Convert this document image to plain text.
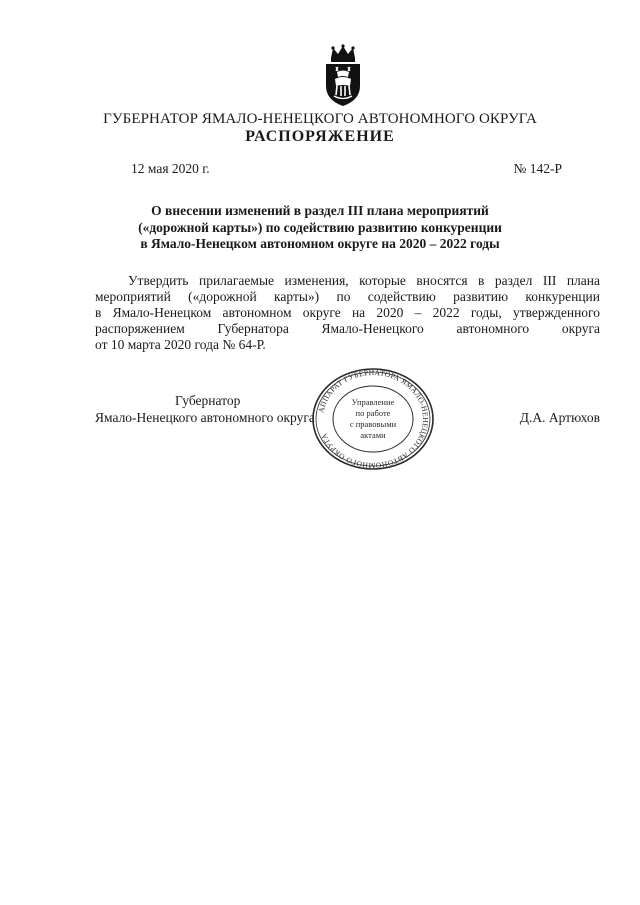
ГУБЕРНАТОР ЯМАЛО-НЕНЕЦКОГО АВТОНОМНОГО ОКРУГА
РАСПОРЯЖЕНИЕ
12 мая 2020 г.	№ 142-Р
О внесении изменений в раздел III плана мероприятий
(«дорожной карты») по содействию развитию конкуренции
в Ямало-Ненецком автономном округе на 2020 – 2022 годы
Утвердить прилагаемые изменения, которые вносятся в раздел III плана
мероприятий («дорожной карты») по содействию развитию конкуренции
в Ямало-Ненецком автономном округе на 2020 – 2022 годы, утвержденного
распоряжением Губернатора Ямало-Ненецкого автономного округа
от 10 марта 2020 года № 64-Р.
Губернатор
Ямало-Ненецкого автономного округа	Д.А. Артюхов
АППАРАТ ГУБЕРНАТОРА ЯМАЛО-НЕНЕЦКОГО АВТОНОМНОГО ОКРУГА
Управление
по работе
с правовыми
актами
